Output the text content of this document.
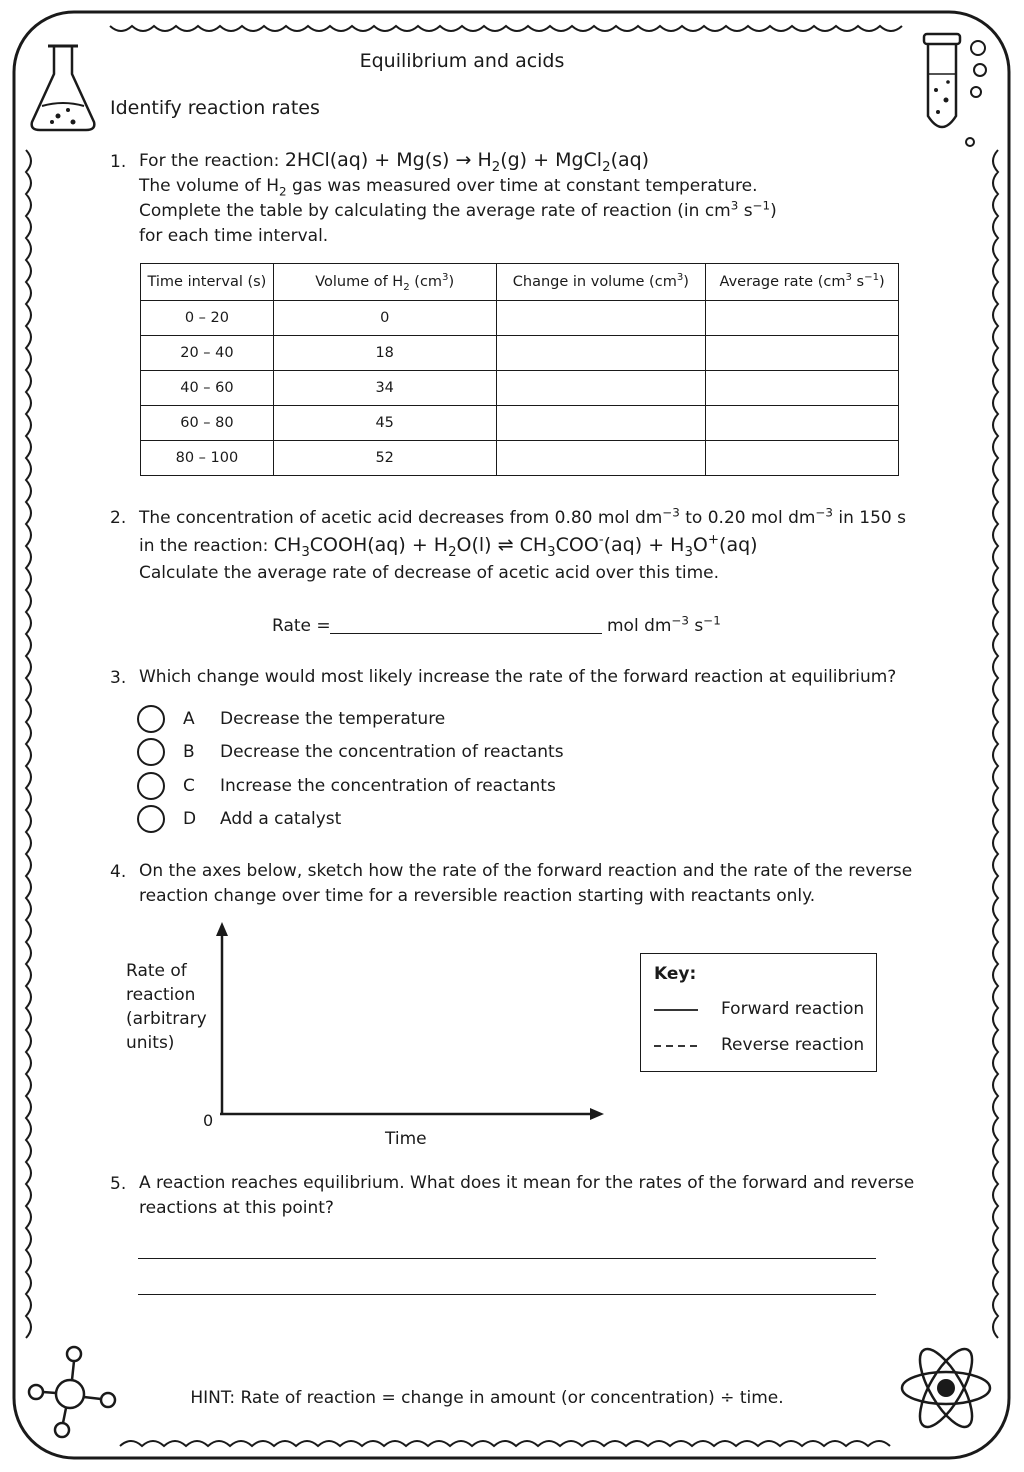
Equilibrium and acids
Identify reaction rates
1. For the reaction: $2HCl(aq) + Mg(s) \to H_2(g)$ + MgCl$_2$(aq)
The volume of $H_2$ gas was measured over time at constant temperature.
Complete the table by calculating the average rate of reaction (in $cm^3$ $s^{-1}$)
for each time interval.
Time interval (s)	Volume of $H_2$ $(cm^3)$	Change in volume $(cm^3)$	Average rate ($cm^3$ $s^{-1}$)
0 – 20	0		
20 – 40	18		
40 – 60	34		
60 – 80	45		
80 – 100	52		
2. The concentration of acetic acid decreases from 0.80 mol $dm^{-3}$ to 0.20 mol $dm^{-3}$ in 150 s
in the reaction: $CH_3COOH(aq) + H_2O(l)$ ⇌ $CH_3COO^-(aq) + H_3O^+(aq)$
Calculate the average rate of decrease of acetic acid over this time.
Rate =	mol $dm^{-3}$ $s^{-1}$
3. Which change would most likely increase the rate of the forward reaction at equilibrium?
A Decrease the temperature
B Decrease the concentration of reactants
C Increase the concentration of reactants
D Add a catalyst
4. On the axes below, sketch how the rate of the forward reaction and the rate of the reverse
reaction change over time for a reversible reaction starting with reactants only.
Rate of
reaction
(arbitrary
units)
0
Time
Key:
Forward reaction
Reverse reaction
5. A reaction reaches equilibrium. What does it mean for the rates of the forward and reverse
reactions at this point?
HINT: Rate of reaction = change in amount (or concentration) ÷ time.
